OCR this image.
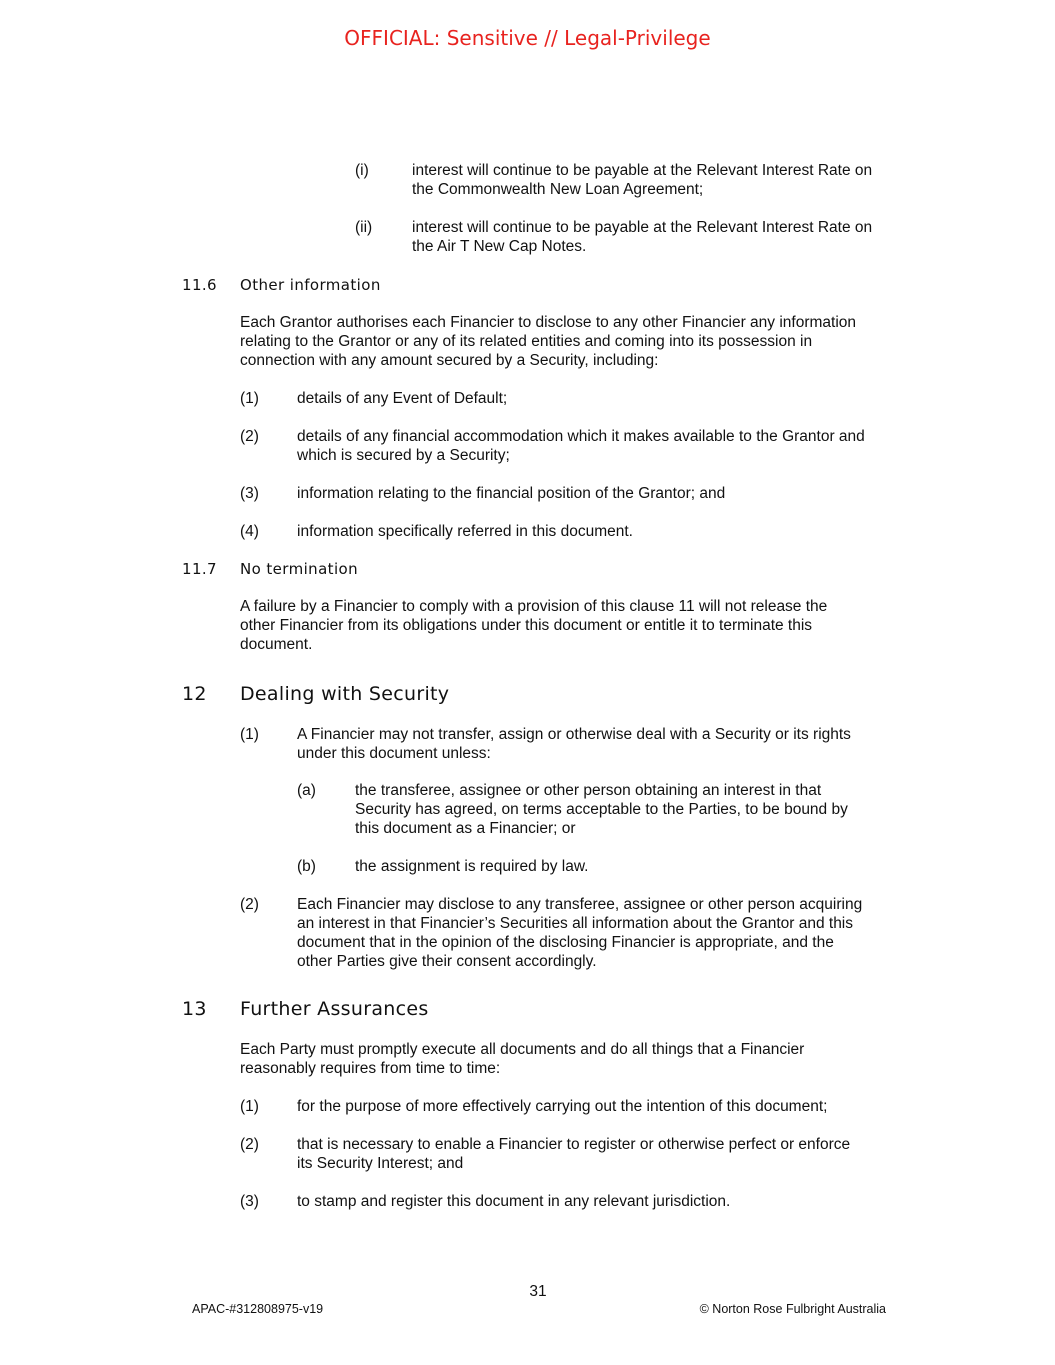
OFFICIAL: Sensitive // Legal-Privilege
(i)	interest will continue to be payable at the Relevant Interest Rate on
the Commonwealth New Loan Agreement;
(ii)	interest will continue to be payable at the Relevant Interest Rate on
the Air T New Cap Notes.
11.6 Other information
Each Grantor authorises each Financier to disclose to any other Financier any information
relating to the Grantor or any of its related entities and coming into its possession in
connection with any amount secured by a Security, including:
(1) details of any Event of Default;
(2) details of any financial accommodation which it makes available to the Grantor and
which is secured by a Security;
(3) information relating to the financial position of the Grantor; and
(4) information specifically referred in this document.
11.7 No termination
A failure by a Financier to comply with a provision of this clause 11 will not release the
other Financier from its obligations under this document or entitle it to terminate this
document.
12 Dealing with Security
(1) A Financier may not transfer, assign or otherwise deal with a Security or its rights
under this document unless:
(a)	the transferee, assignee or other person obtaining an interest in that
Security has agreed, on terms acceptable to the Parties, to be bound by
this document as a Financier; or
(b)	the assignment is required by law.
(2) Each Financier may disclose to any transferee, assignee or other person acquiring
an interest in that Financier’s Securities all information about the Grantor and this
document that in the opinion of the disclosing Financier is appropriate, and the
other Parties give their consent accordingly.
13 Further Assurances
Each Party must promptly execute all documents and do all things that a Financier
reasonably requires from time to time:
(1) for the purpose of more effectively carrying out the intention of this document;
(2) that is necessary to enable a Financier to register or otherwise perfect or enforce
its Security Interest; and
(3) to stamp and register this document in any relevant jurisdiction.
31
APAC-#312808975-v19	© Norton Rose Fulbright Australia
